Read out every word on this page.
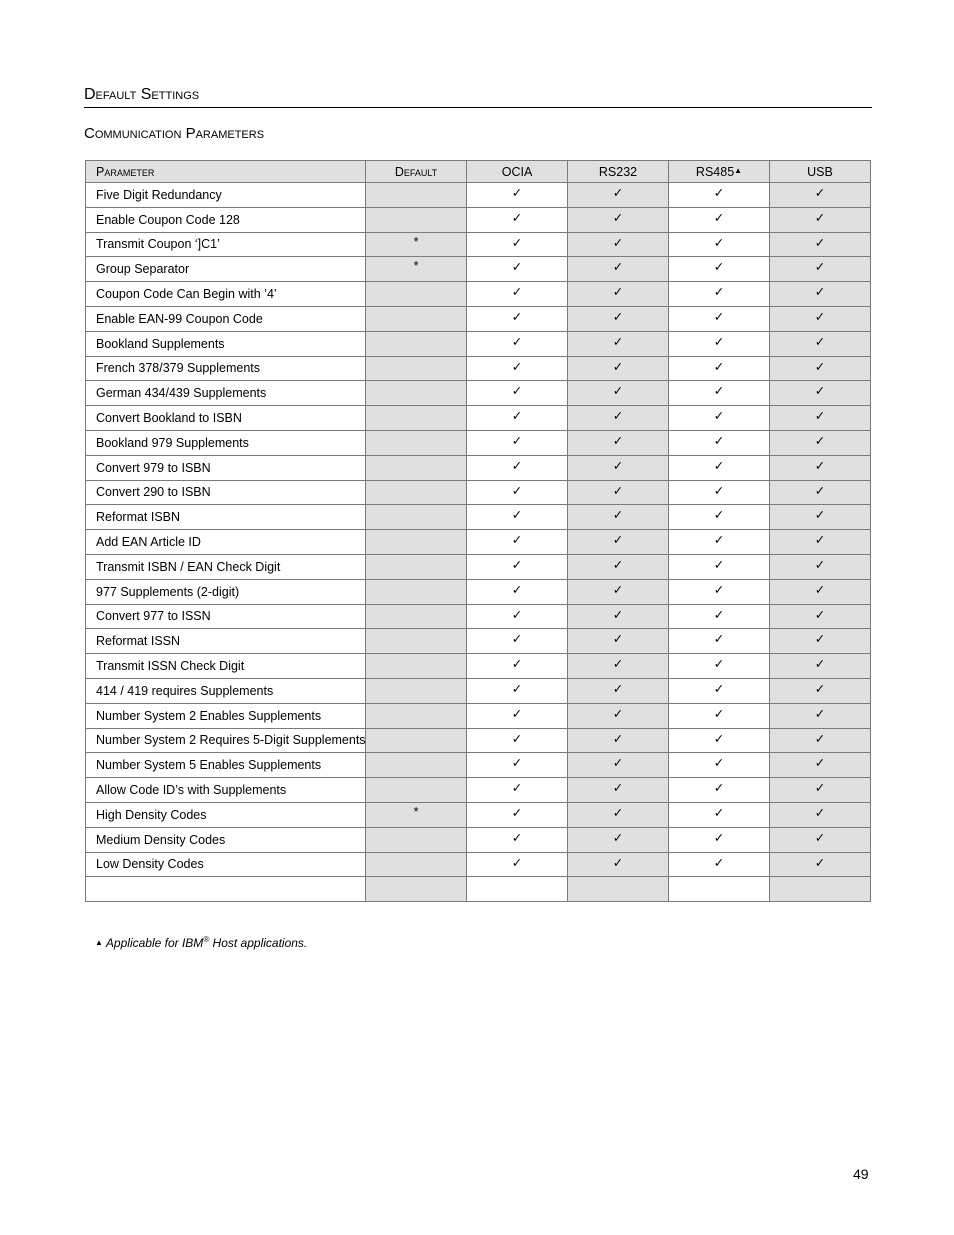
Default Settings
Communication Parameters
Parameter	Default	OCIA	RS232	RS485▲	USB
Five Digit Redundancy		✓	✓	✓	✓
Enable Coupon Code 128		✓	✓	✓	✓
Transmit Coupon ‘]C1’	*	✓	✓	✓	✓
Group Separator	*	✓	✓	✓	✓
Coupon Code Can Begin with ’4’		✓	✓	✓	✓
Enable EAN-99 Coupon Code		✓	✓	✓	✓
Bookland Supplements		✓	✓	✓	✓
French 378/379 Supplements		✓	✓	✓	✓
German 434/439 Supplements		✓	✓	✓	✓
Convert Bookland to ISBN		✓	✓	✓	✓
Bookland 979 Supplements		✓	✓	✓	✓
Convert 979 to ISBN		✓	✓	✓	✓
Convert 290 to ISBN		✓	✓	✓	✓
Reformat ISBN		✓	✓	✓	✓
Add EAN Article ID		✓	✓	✓	✓
Transmit ISBN / EAN Check Digit		✓	✓	✓	✓
977 Supplements (2-digit)		✓	✓	✓	✓
Convert 977 to ISSN		✓	✓	✓	✓
Reformat ISSN		✓	✓	✓	✓
Transmit ISSN Check Digit		✓	✓	✓	✓
414 / 419 requires Supplements		✓	✓	✓	✓
Number System 2 Enables Supplements		✓	✓	✓	✓
Number System 2 Requires 5-Digit Supplements		✓	✓	✓	✓
Number System 5 Enables Supplements		✓	✓	✓	✓
Allow Code ID’s with Supplements		✓	✓	✓	✓
High Density Codes	*	✓	✓	✓	✓
Medium Density Codes		✓	✓	✓	✓
Low Density Codes		✓	✓	✓	✓

▲ Applicable for IBM® Host applications.
49
